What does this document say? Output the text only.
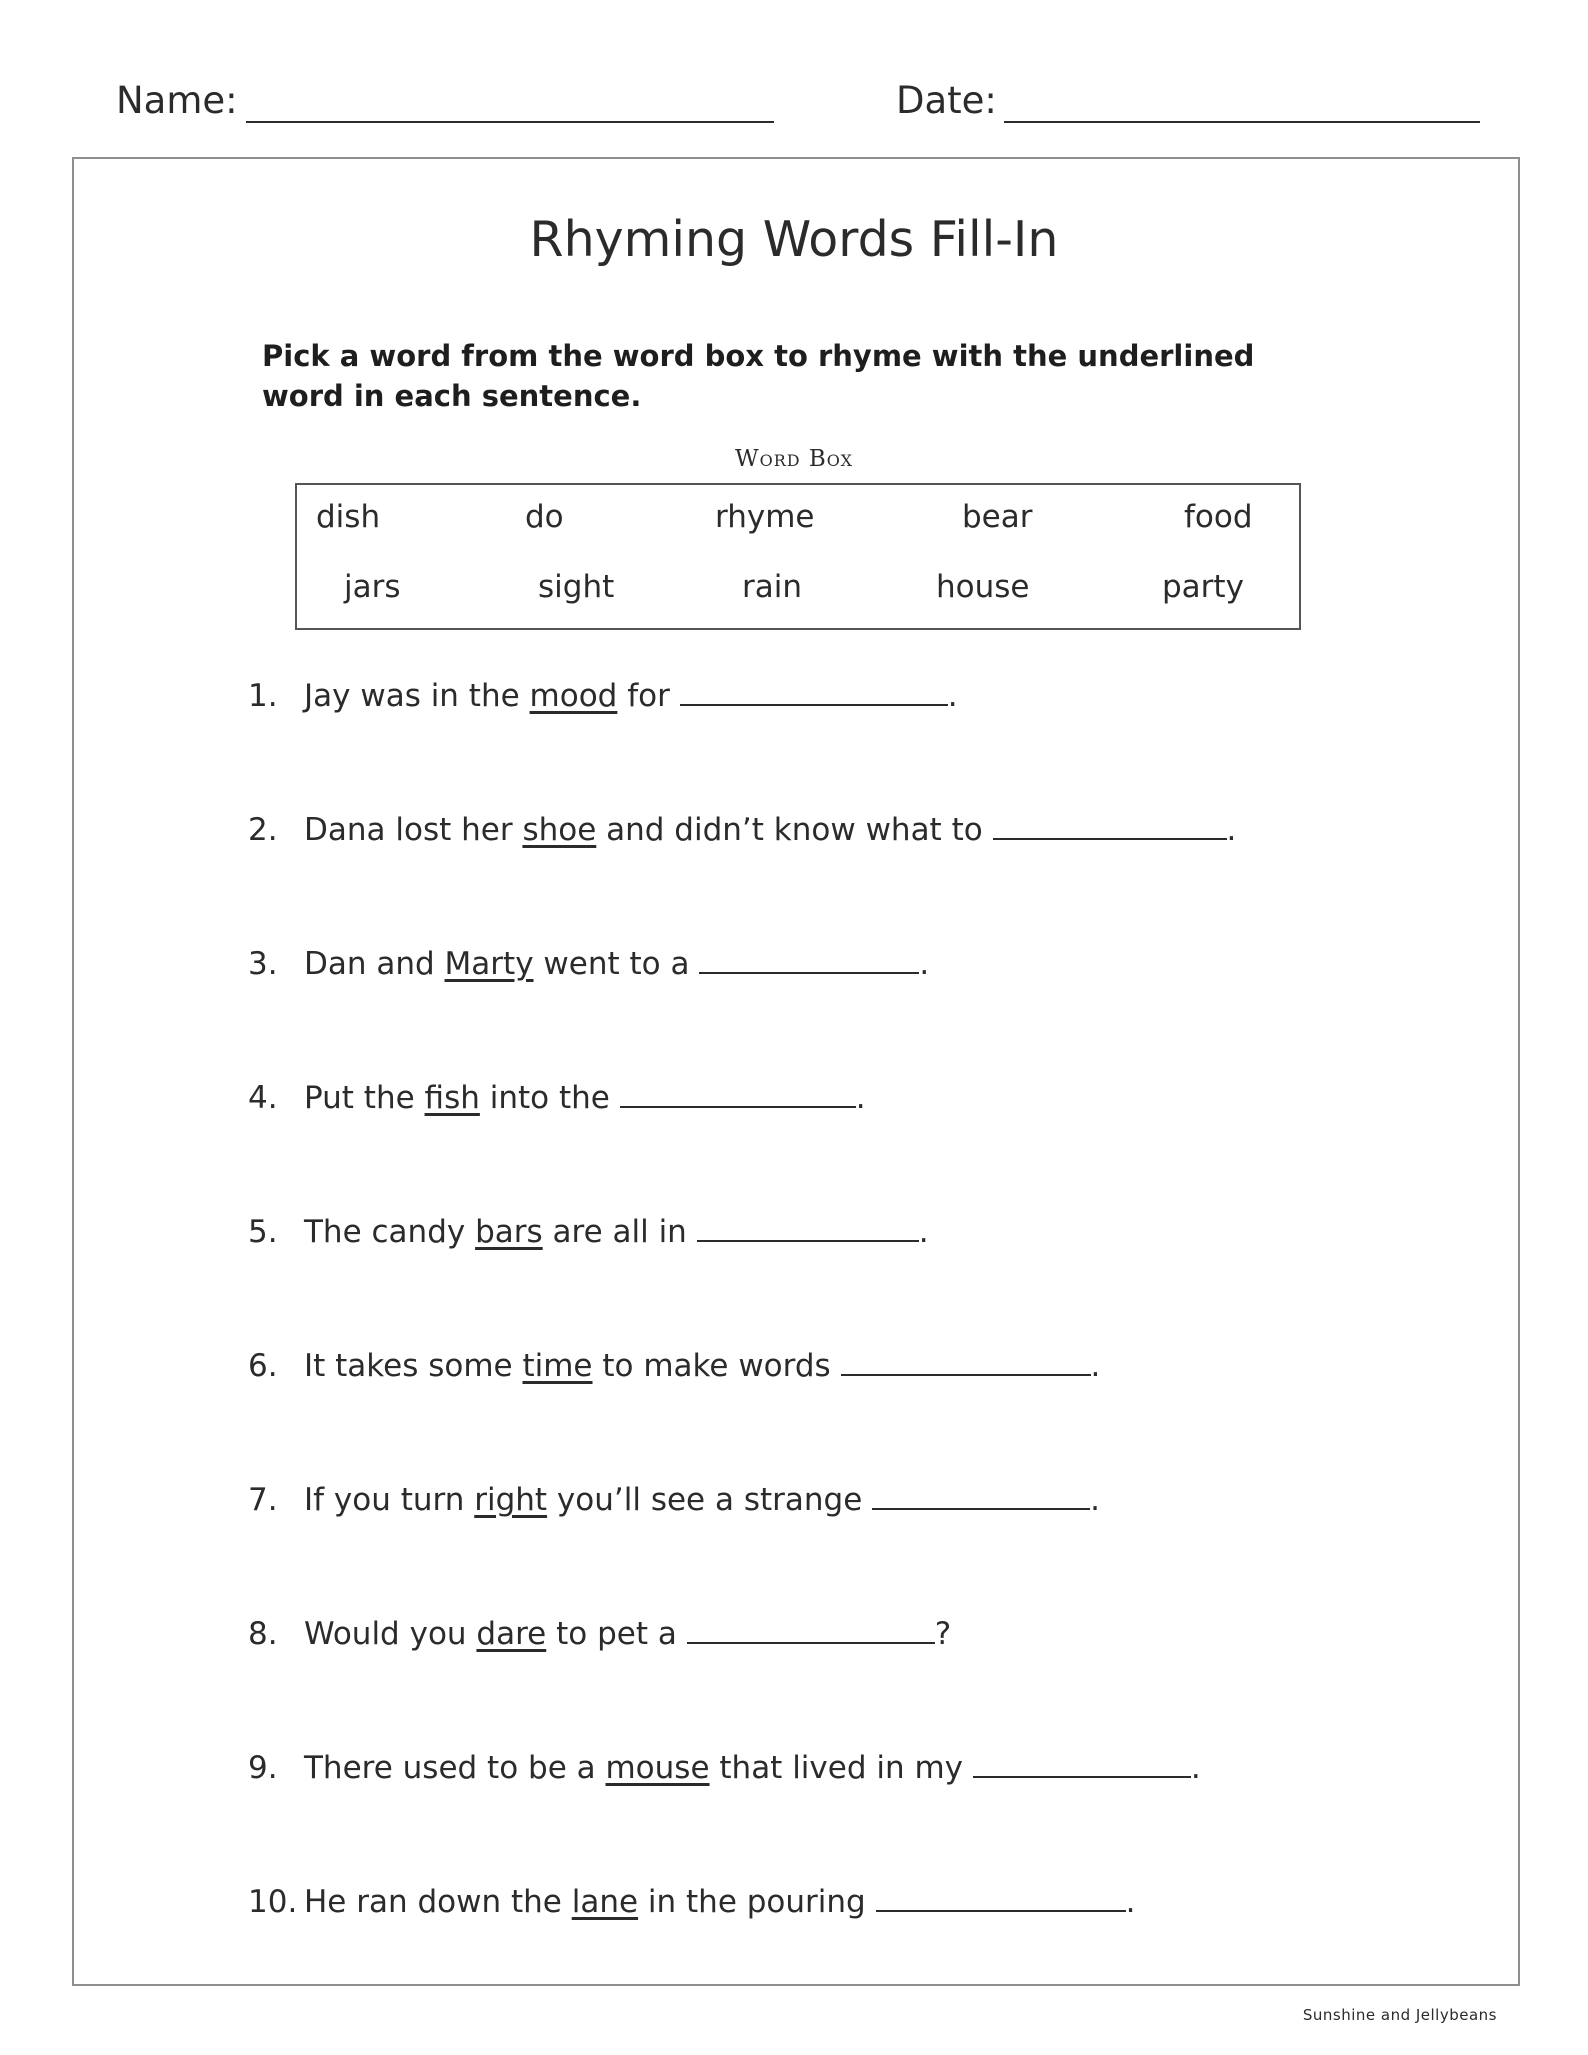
Name:	Date:
Rhyming Words Fill-In
Pick a word from the word box to rhyme with the underlined word in each sentence.
Word Box
dish	do	rhyme	bear	food
jars	sight	rain	house	party
1. Jay was in the mood for	.
2. Dana lost her shoe and didn’t know what to	.
3. Dan and Marty went to a	.
4. Put the fish into the	.
5. The candy bars are all in	.
6. It takes some time to make words	.
7. If you turn right you’ll see a strange	.
8. Would you dare to pet a	?
9. There used to be a mouse that lived in my	.
10. He ran down the lane in the pouring	.
Sunshine and Jellybeans
